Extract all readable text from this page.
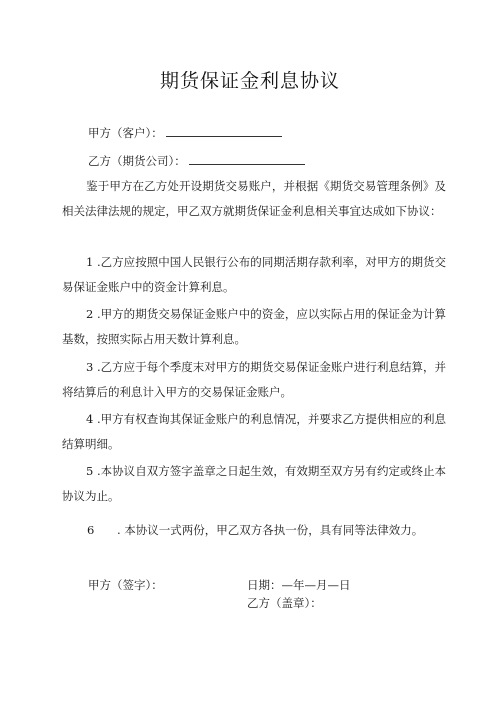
期货保证金利息协议
甲方（客户）：
乙方（期货公司）：
鉴于甲方在乙方处开设期货交易账户，并根据《期货交易管理条例》及相关法律法规的规定，甲乙双方就期货保证金利息相关事宜达成如下协议：
1 .乙方应按照中国人民银行公布的同期活期存款利率，对甲方的期货交易保证金账户中的资金计算利息。
2 .甲方的期货交易保证金账户中的资金，应以实际占用的保证金为计算基数，按照实际占用天数计算利息。
3 .乙方应于每个季度末对甲方的期货交易保证金账户进行利息结算，并将结算后的利息计入甲方的交易保证金账户。
4 .甲方有权查询其保证金账户的利息情况，并要求乙方提供相应的利息结算明细。
5 .本协议自双方签字盖章之日起生效，有效期至双方另有约定或终止本协议为止。
6 . 本协议一式两份，甲乙双方各执一份，具有同等法律效力。
甲方（签字）：	日期：—年—月—日
乙方（盖章）：
